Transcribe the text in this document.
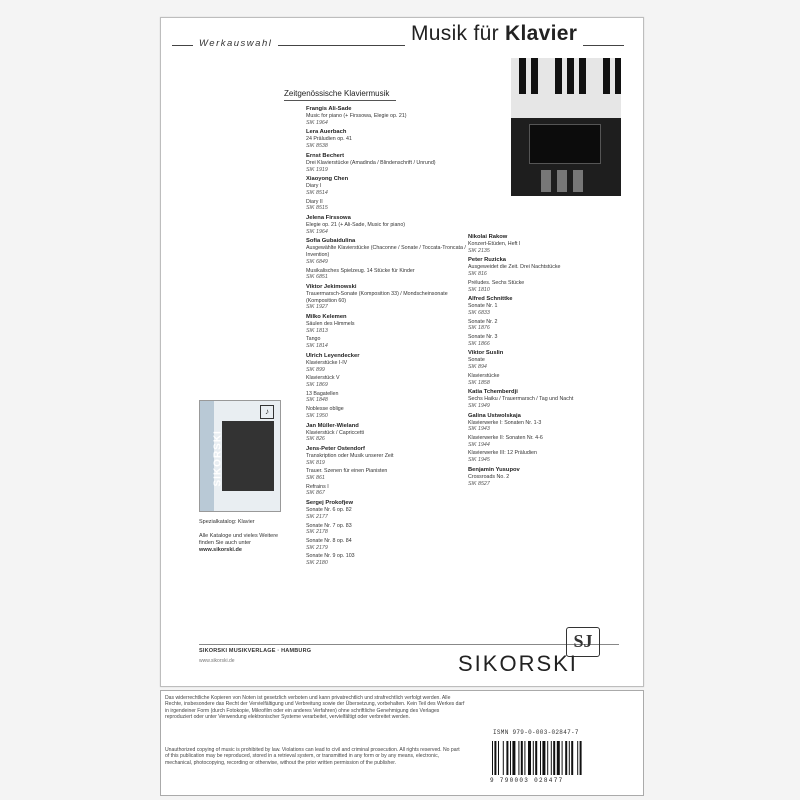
Werkauswahl	Musik für Klavier
Zeitgenössische Klaviermusik
Frangis Ali-Sade
Music for piano (+ Firssowa, Elegie op. 21)
SIK 1964
Lera Auerbach
24 Präludien op. 41
SIK 8538
Ernst Bechert
Drei Klavierstücke (Amadinda / Blindenschrift / Unrund)
SIK 1919
Xiaoyong Chen
Diary I
SIK 8514
Diary II
SIK 8515
Jelena Firssowa
Elegie op. 21 (+ Ali-Sade, Music for piano)
SIK 1964
Sofia Gubaidulina
Ausgewählte Klavierstücke (Chaconne / Sonate / Toccata-Troncata / Invention)
SIK 6849
Musikalisches Spielzeug. 14 Stücke für Kinder
SIK 6851
Viktor Jekimowski
Trauermarsch-Sonate (Komposition 33) / Mondscheinsonate (Komposition 60)
SIK 1927
Milko Kelemen
Säulen des Himmels
SIK 1813
Tango
SIK 1814
Ulrich Leyendecker
Klavierstücke I-IV
SIK 899
Klavierstück V
SIK 1869
13 Bagatellen
SIK 1848
Noblesse oblige
SIK 1950
Jan Müller-Wieland
Klavierstück / Capriccetti
SIK 826
Jens-Peter Ostendorf
Transkription oder Musik unserer Zeit
SIK 819
Trauer. Szenen für einen Pianisten
SIK 861
Refrains I
SIK 867
Sergej Prokofjew
Sonate Nr. 6 op. 82
SIK 2177
Sonate Nr. 7 op. 83
SIK 2178
Sonate Nr. 8 op. 84
SIK 2179
Sonate Nr. 9 op. 103
SIK 2180
Nikolai Rakow
Konzert-Etüden, Heft I
SIK 2135
Peter Ruzicka
Ausgeweidet die Zeit. Drei Nachtstücke
SIK 816
Préludes. Sechs Stücke
SIK 1810
Alfred Schnittke
Sonate Nr. 1
SIK 6833
Sonate Nr. 2
SIK 1876
Sonate Nr. 3
SIK 1866
Viktor Suslin
Sonate
SIK 894
Klavierstücke
SIK 1858
Katia Tchemberdji
Sechs Haiku / Trauermarsch / Tag und Nacht
SIK 1949
Galina Ustwolskaja
Klavierwerke I: Sonaten Nr. 1-3
SIK 1943
Klavierwerke II: Sonaten Nr. 4-6
SIK 1944
Klavierwerke III: 12 Präludien
SIK 1945
Benjamin Yusupov
Crossroads No. 2
SIK 8527
SIKORSKI
♪
Spezialkatalog: Klavier
Alle Kataloge und vieles Weitere
finden Sie auch unter
www.sikorski.de
SIKORSKI MUSIKVERLAGE · HAMBURG
www.sikorski.de
SJ
SIKORSKI

Das widerrechtliche Kopieren von Noten ist gesetzlich verboten und kann privatrechtlich und strafrechtlich verfolgt werden. Alle Rechte, insbesondere das Recht der Vervielfältigung und Verbreitung sowie der Übersetzung, vorbehalten. Kein Teil des Werkes darf in irgendeiner Form (durch Fotokopie, Mikrofilm oder ein anderes Verfahren) ohne schriftliche Genehmigung des Verlages reproduziert oder unter Verwendung elektronischer Systeme verarbeitet, vervielfältigt oder verbreitet werden.

Unauthorized copying of music is prohibited by law. Violations can lead to civil and criminal prosecution. All rights reserved. No part of this publication may be reproduced, stored in a retrieval system, or transmitted in any form or by any means, electronic, mechanical, photocopying, recording or otherwise, without the prior written permission of the publisher.

ISMN 979-0-003-02847-7
9 790003 028477
